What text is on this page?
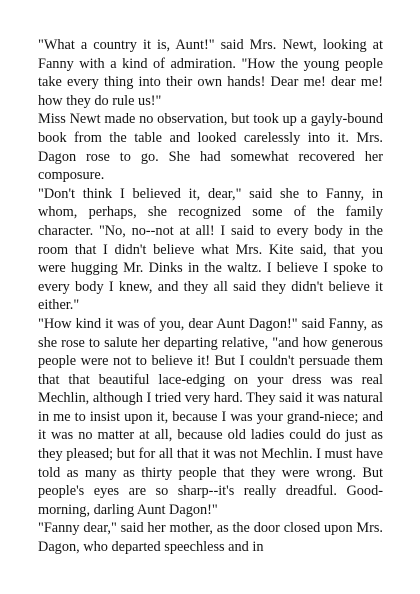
"What a country it is, Aunt!" said Mrs. Newt, looking at Fanny with a kind of admiration. "How the young people take every thing into their own hands! Dear me! dear me! how they do rule us!"

Miss Newt made no observation, but took up a gayly-bound book from the table and looked carelessly into it. Mrs. Dagon rose to go. She had somewhat recovered her composure.

"Don't think I believed it, dear," said she to Fanny, in whom, perhaps, she recognized some of the family character. "No, no--not at all! I said to every body in the room that I didn't believe what Mrs. Kite said, that you were hugging Mr. Dinks in the waltz. I believe I spoke to every body I knew, and they all said they didn't believe it either."

"How kind it was of you, dear Aunt Dagon!" said Fanny, as she rose to salute her departing relative, "and how generous people were not to believe it! But I couldn't persuade them that that beautiful lace-edging on your dress was real Mechlin, although I tried very hard. They said it was natural in me to insist upon it, because I was your grand-niece; and it was no matter at all, because old ladies could do just as they pleased; but for all that it was not Mechlin. I must have told as many as thirty people that they were wrong. But people's eyes are so sharp--it's really dreadful. Good-morning, darling Aunt Dagon!"

"Fanny dear," said her mother, as the door closed upon Mrs. Dagon, who departed speechless and in
